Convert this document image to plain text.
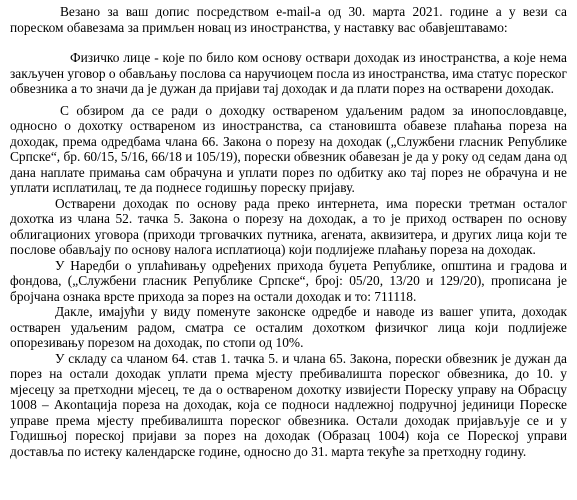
Везано за ваш допис посредством e-mail-а од 30. марта 2021. године а у вези са пореском обавезама за примљен новац из иностранства, у наставку вас обавјештавамо:

Физичко лице - које по било ком основу оствари доходак из иностранства, а које нема закључен уговор о обављању послова са наручиоцем посла из иностранства, има статус пореског обвезника а то значи да је дужан да пријави тај доходак и да плати порез на остварени доходак.

С обзиром да се ради о доходку оствареном удаљеним радом за инопословдавце, односно о дохотку оствареном из иностранства, са становишта обавезе плаћања пореза на доходак, према одредбама члана 66. Закона о порезу на доходак („Службени гласник Републике Српске“, бр. 60/15, 5/16, 66/18 и 105/19), порески обвезник обавезан је да у року од седам дана од дана наплате примања сам обрачуна и уплати порез по одбитку ако тај порез не обрачуна и не уплати исплатилац, те да поднесе годишњу пореску пријаву.

Остварени доходак по основу рада преко интернета, има порески третман осталог дохотка из члана 52. тачка 5. Закона о порезу на доходак, а то је приход остварен по основу облигационих уговора (приходи трговачких путника, агената, аквизитера, и других лица који те послове обављају по основу налога исплатиоца) који подлијеже плаћању пореза на доходак.

У Наредби о уплаћивању одређених прихода буџета Републике, општина и градова и фондова, („Службени гласник Републике Српске“, број: 05/20, 13/20 и 129/20), прописана је бројчана ознака врсте прихода за порез на остали доходак и то: 711118.

Дакле, имајући у виду поменуте законске одредбе и наводе из вашег упита, доходак остварен удаљеним радом, сматра се осталим дохотком физичког лица који подлијеже опорезивању порезом на доходак, по стопи од 10%.

У складу са чланом 64. став 1. тачка 5. и члана 65. Закона, порески обвезник је дужан да порез на остали доходак уплати према мјесту пребивалишта пореског обвезника, до 10. у мјесецу за претходни мјесец, те да о оствареном дохотку извијести Пореску управу на Обрасцу 1008 – Акontација пореза на доходак, која се подноси надлежној подручној јединици Пореске управе према мјесту пребивалишта пореског обвезника. Остали доходак пријављује се и у Годишњој пореској пријави за порез на доходак (Образац 1004) која се Пореској управи доставља по истеку календарске године, односно до 31. марта текуће за претходну годину.
